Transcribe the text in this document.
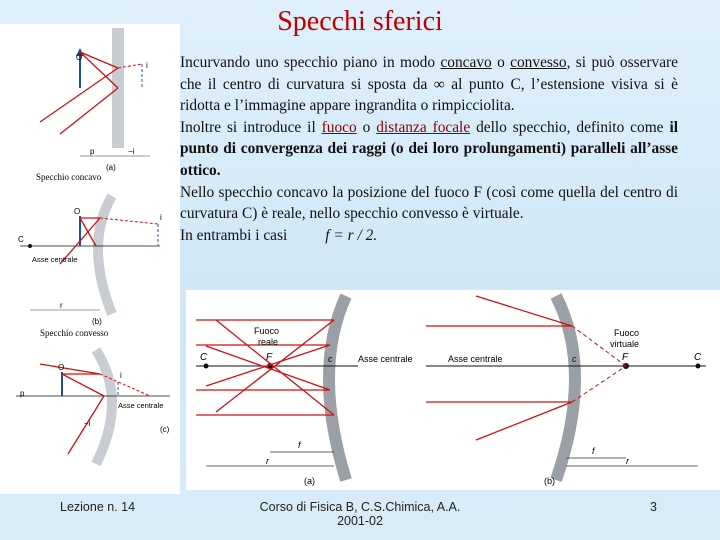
Specchi sferici
O
i
p	−i
(a)
Specchio concavo
C
Asse centrale
O
i
r
(b)
Specchio convesso
O
i
Asse centrale
p
−i
(c)
Incurvando uno specchio piano in modo concavo o convesso, si può osservare che il centro di curvatura si sposta da ∞ al punto C, l’estensione visiva si è ridotta e l’immagine appare ingrandita o rimpicciolita.
Inoltre si introduce il fuoco o distanza focale dello specchio, definito come il punto di convergenza dei raggi (o dei loro prolungamenti) paralleli all’asse ottico.
Nello specchio concavo la posizione del fuoco F (così come quella del centro di curvatura C) è reale, nello specchio convesso è virtuale.
In entrambi i casi f = r / 2.
Fuoco
reale
C	F	c	Asse centrale
f
r
(a)
Fuoco
virtuale
Asse centrale	c	F	C
f
r
(b)
Lezione n. 14	Corso di Fisica B, C.S.Chimica, A.A.
2001-02
3
